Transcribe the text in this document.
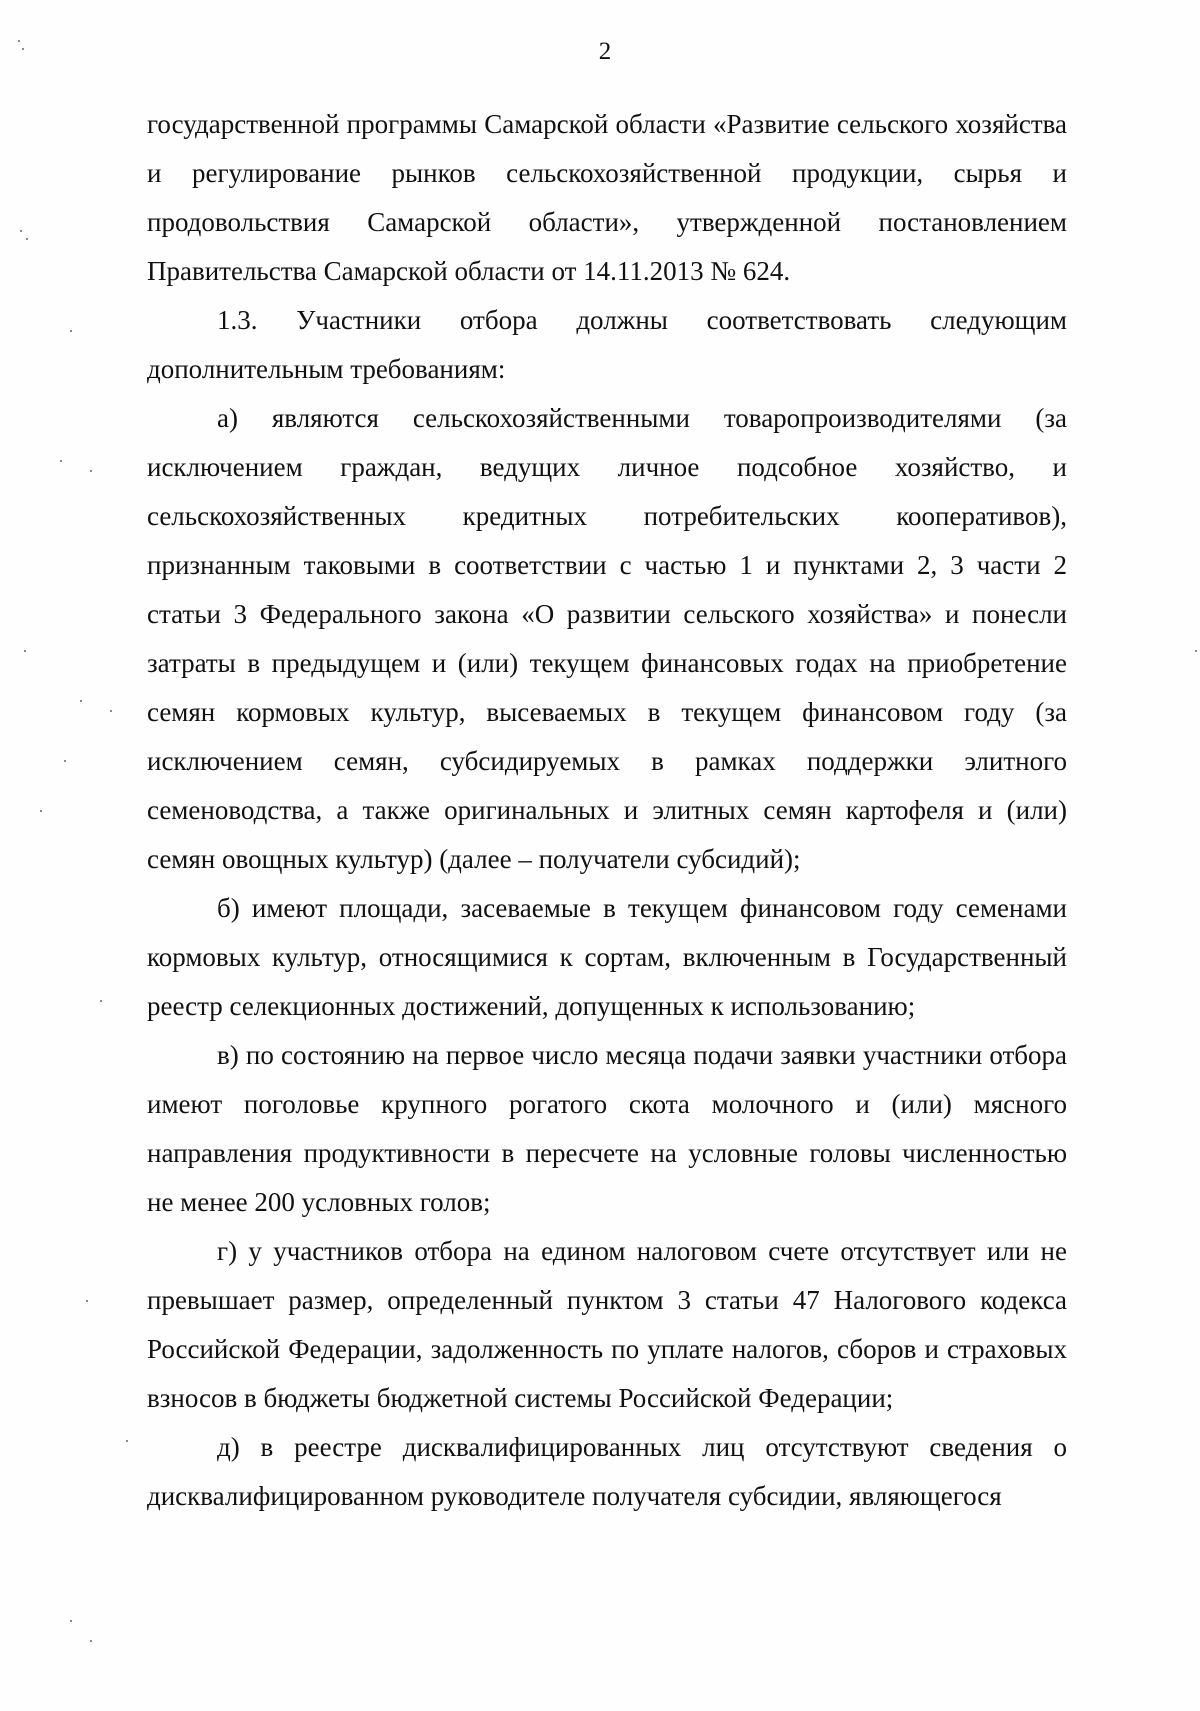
2

государственной программы Самарской области «Развитие сельского хозяйства и регулирование рынков сельскохозяйственной продукции, сырья и продовольствия Самарской области», утвержденной постановлением Правительства Самарской области от 14.11.2013 № 624.

1.3. Участники отбора должны соответствовать следующим дополнительным требованиям:

а) являются сельскохозяйственными товаропроизводителями (за исключением граждан, ведущих личное подсобное хозяйство, и сельскохозяйственных кредитных потребительских кооперативов), признанным таковыми в соответствии с частью 1 и пунктами 2, 3 части 2 статьи 3 Федерального закона «О развитии сельского хозяйства» и понесли затраты в предыдущем и (или) текущем финансовых годах на приобретение семян кормовых культур, высеваемых в текущем финансовом году (за исключением семян, субсидируемых в рамках поддержки элитного семеноводства, а также оригинальных и элитных семян картофеля и (или) семян овощных культур) (далее – получатели субсидий);

б) имеют площади, засеваемые в текущем финансовом году семенами кормовых культур, относящимися к сортам, включенным в Государственный реестр селекционных достижений, допущенных к использованию;

в) по состоянию на первое число месяца подачи заявки участники отбора имеют поголовье крупного рогатого скота молочного и (или) мясного направления продуктивности в пересчете на условные головы численностью не менее 200 условных голов;

г) у участников отбора на едином налоговом счете отсутствует или не превышает размер, определенный пунктом 3 статьи 47 Налогового кодекса Российской Федерации, задолженность по уплате налогов, сборов и страховых взносов в бюджеты бюджетной системы Российской Федерации;

д) в реестре дисквалифицированных лиц отсутствуют сведения о дисквалифицированном руководителе получателя субсидии, являющегося
